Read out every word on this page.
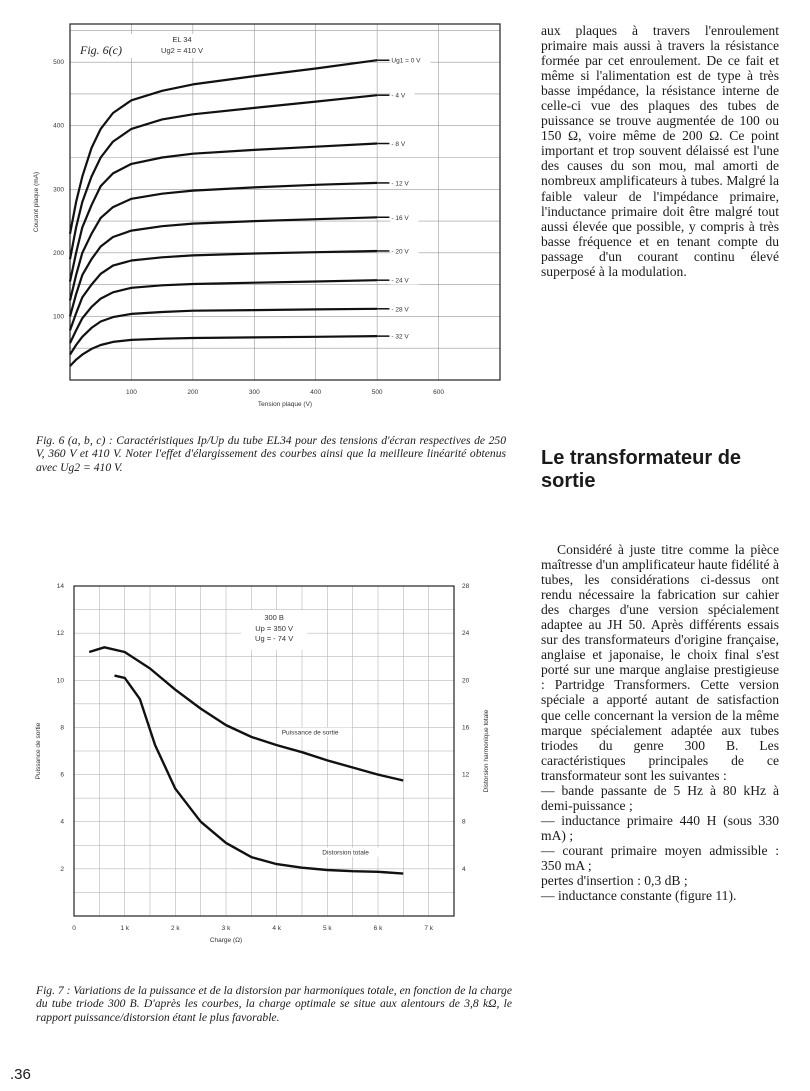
100	200	300	400	500	600
100
200
300
400
500
Tension plaque (V)
Courant plaque (mA)
Fig. 6(c)
EL 34
Ug2 = 410 V
Ug1 = 0 V
- 4 V
- 8 V
- 12 V
- 16 V
- 20 V
- 24 V
- 28 V
- 32 V

Fig. 6 (a, b, c) : Caractéristiques Ip/Up du tube EL34 pour des tensions d'écran respectives de 250 V, 360 V et 410 V. Noter l'effet d'élargissement des courbes ainsi que la meilleure linéarité obtenus avec Ug2 = 410 V.

0	1 k	2 k	3 k	4 k	5 k	6 k	7 k
2
4
6
8
10
12
14
4
8
12
16
20
24
28
Charge (Ω)
Puissance de sortie	Distorsion harmonique totale
300 B
Up = 350 V
Ug = - 74 V
Puissance de sortie
Distorsion totale

Fig. 7 : Variations de la puissance et de la distorsion par harmoniques totale, en fonction de la charge du tube triode 300 B. D'après les courbes, la charge optimale se situe aux alentours de 3,8 kΩ, le rapport puissance/distorsion étant le plus favorable.

aux plaques à travers l'enroulement primaire mais aussi à travers la résistance formée par cet enroulement. De ce fait et même si l'alimentation est de type à très basse impédance, la résistance interne de celle-ci vue des plaques des tubes de puissance se trouve augmentée de 100 ou 150 Ω, voire même de 200 Ω. Ce point important et trop souvent délaissé est l'une des causes du son mou, mal amorti de nombreux amplificateurs à tubes. Malgré la faible valeur de l'impédance primaire, l'inductance primaire doit être malgré tout aussi élevée que possible, y compris à très basse fréquence et en tenant compte du passage d'un courant continu élevé superposé à la modulation.

Le transformateur de sortie

Considéré à juste titre comme la pièce maîtresse d'un amplificateur haute fidélité à tubes, les considérations ci-dessus ont rendu nécessaire la fabrication sur cahier des charges d'une version spécialement adaptee au JH 50. Après différents essais sur des transformateurs d'origine française, anglaise et japonaise, le choix final s'est porté sur une marque anglaise prestigieuse : Partridge Transformers. Cette version spéciale a apporté autant de satisfaction que celle concernant la version de la même marque spécialement adaptée aux tubes triodes du genre 300 B. Les caractéristiques principales de ce transformateur sont les suivantes :

— bande passante de 5 Hz à 80 kHz à demi-puissance ;

— inductance primaire 440 H (sous 330 mA) ;

— courant primaire moyen admissible : 350 mA ;

pertes d'insertion : 0,3 dB ;

— inductance constante (figure 11).

.36
